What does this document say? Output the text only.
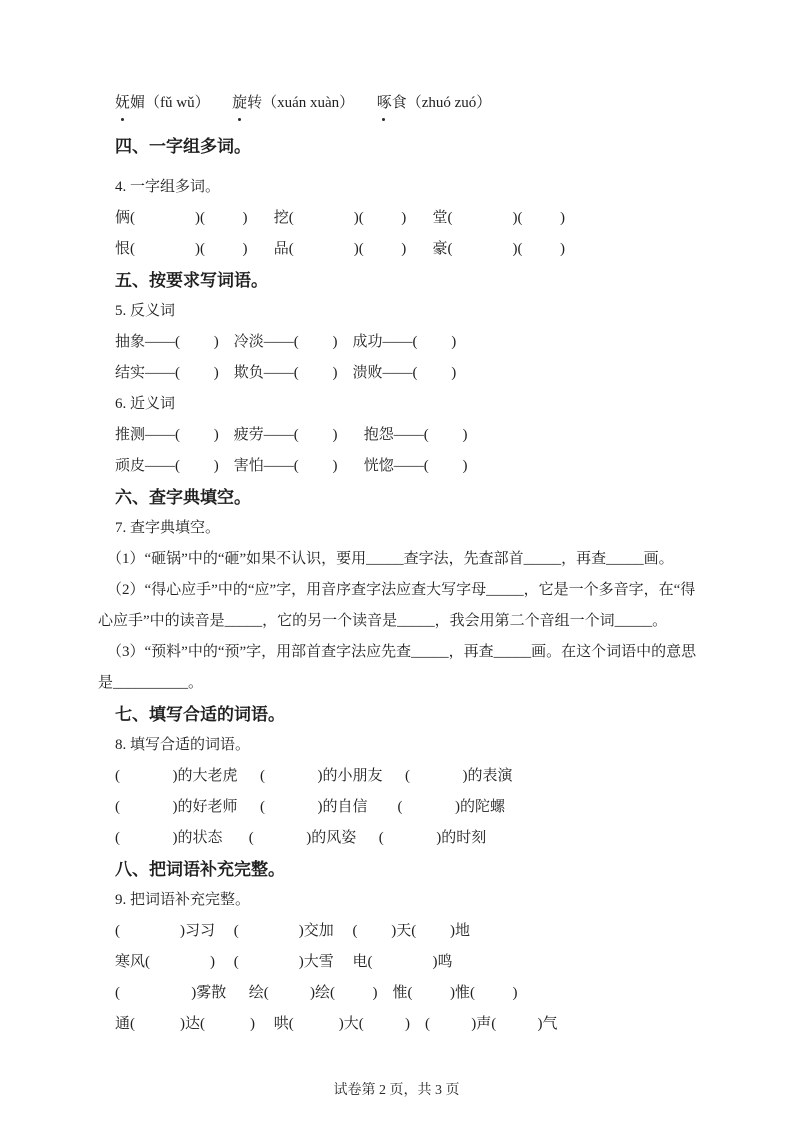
妩媚（fǔ wǔ）      旋转（xuán xuàn）      啄食（zhuó zuó）
四、一字组多词。
4. 一字组多词。
俩(                )(          )       挖(                )(          )       堂(                )(          )
恨(                )(          )       品(                )(          )       豪(                )(          )
五、按要求写词语。
5. 反义词
抽象——(         )    冷淡——(         )    成功——(         )
结实——(         )    欺负——(         )    溃败——(         )
6. 近义词
推测——(         )    疲劳——(         )       抱怨——(         )
顽皮——(         )    害怕——(         )       恍惚——(         )
六、查字典填空。
7. 查字典填空。
（1）“砸锅”中的“砸”如果不认识，要用_____查字法，先查部首_____，再查_____画。
（2）“得心应手”中的“应”字，用音序查字法应查大写字母_____，它是一个多音字，在“得
心应手”中的读音是_____，它的另一个读音是_____，我会用第二个音组一个词_____。
（3）“预料”中的“预”字，用部首查字法应先查_____，再查_____画。在这个词语中的意思
是__________。
七、填写合适的词语。
8. 填写合适的词语。
(              )的大老虎      (              )的小朋友      (              )的表演
(              )的好老师      (              )的自信        (              )的陀螺
(              )的状态       (              )的风姿      (              )的时刻
八、把词语补充完整。
9. 把词语补充完整。
(                )习习     (                )交加     (         )天(         )地
寒风(                )     (                )大雪     电(                )鸣
(                   )雾散      绘(           )绘(          )    惟(          )惟(          )
通(            )达(            )     哄(            )大(           )    (           )声(           )气
试卷第 2 页，共 3 页
